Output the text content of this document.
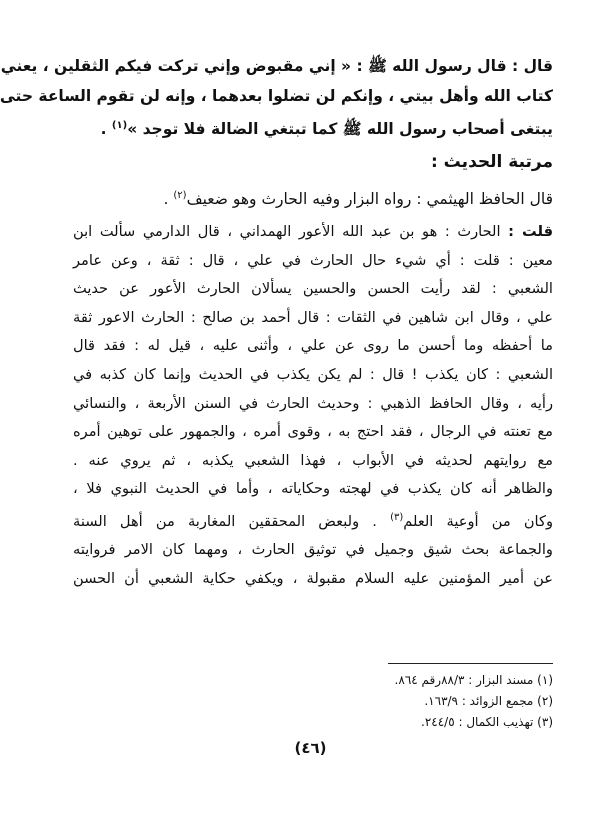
قال : قال رسول الله ﷺ : « إني مقبوض وإني تركت فيكم الثقلين ، يعني
كتاب الله وأهل بيتي ، وإنكم لن تضلوا بعدهما ، وإنه لن تقوم الساعة حتى
يبتغى أصحاب رسول الله ﷺ كما تبتغي الضالة فلا توجد »$^{(١)}$ .
مرتبة الحديث :
قال الحافظ الهيثمي : رواه البزار وفيه الحارث وهو ضعيف$^{(٢)}$ .
قلت : الحارث : هو بن عبد الله الأعور الهمداني ، قال الدارمي سألت ابن
معين : قلت : أي شيء حال الحارث في علي ، قال : ثقة ، وعن عامر
الشعبي : لقد رأيت الحسن والحسين يسألان الحارث الأعور عن حديث
علي ، وقال ابن شاهين في الثقات : قال أحمد بن صالح : الحارث الاعور ثقة
ما أحفظه وما أحسن ما روى عن علي ، وأثنى عليه ، قيل له : فقد قال
الشعبي : كان يكذب ! قال : لم يكن يكذب في الحديث وإنما كان كذبه في
رأيه ، وقال الحافظ الذهبي : وحديث الحارث في السنن الأربعة ، والنسائي
مع تعنته في الرجال ، فقد احتج به ، وقوى أمره ، والجمهور على توهين أمره
مع روايتهم لحديثه في الأبواب ، فهذا الشعبي يكذبه ، ثم يروي عنه .
والظاهر أنه كان يكذب في لهجته وحكاياته ، وأما في الحديث النبوي فلا ،
وكان من أوعية العلم$^{(٣)}$ . ولبعض المحققين المغاربة من أهل السنة
والجماعة بحث شيق وجميل في توثيق الحارث ، ومهما كان الامر فروايته
عن أمير المؤمنين عليه السلام مقبولة ، ويكفي حكاية الشعبي أن الحسن
(١) مسند البزار : ٨٨/٣رقم ٨٦٤.
(٢) مجمع الزوائد : ١٦٣/٩.
(٣) تهذيب الكمال : ٢٤٤/٥.
(٤٦)
